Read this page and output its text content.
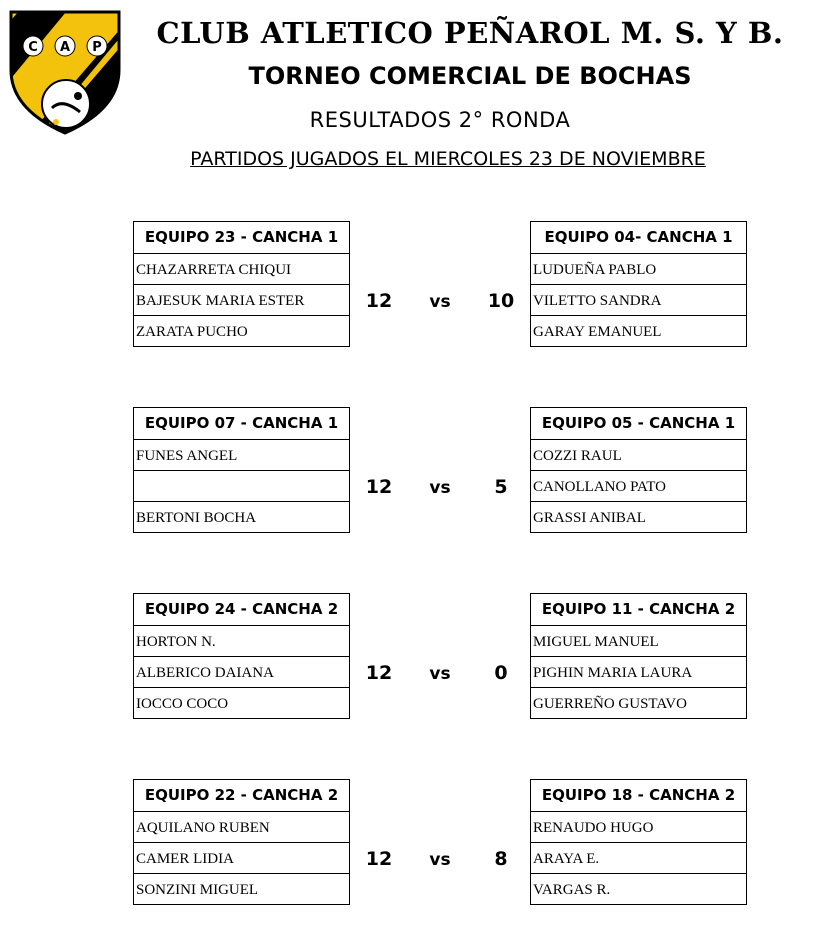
C A P	CLUB ATLETICO PEÑAROL M. S. Y B.
TORNEO COMERCIAL DE BOCHAS
RESULTADOS 2° RONDA
PARTIDOS JUGADOS EL MIERCOLES 23 DE NOVIEMBRE
EQUIPO 23 - CANCHA 1
CHAZARRETA CHIQUI
BAJESUK MARIA ESTER
ZARATA PUCHO
12	vs	10
EQUIPO 04- CANCHA 1
LUDUEÑA PABLO
VILETTO SANDRA
GARAY EMANUEL
EQUIPO 07 - CANCHA 1
FUNES ANGEL
BERTONI BOCHA
12	vs	5
EQUIPO 05 - CANCHA 1
COZZI RAUL
CANOLLANO PATO
GRASSI ANIBAL
EQUIPO 24 - CANCHA 2
HORTON N.
ALBERICO DAIANA
IOCCO COCO
12	vs	0
EQUIPO 11 - CANCHA 2
MIGUEL MANUEL
PIGHIN MARIA LAURA
GUERREÑO GUSTAVO
EQUIPO 22 - CANCHA 2
AQUILANO RUBEN
CAMER LIDIA
SONZINI MIGUEL
12	vs	8
EQUIPO 18 - CANCHA 2
RENAUDO HUGO
ARAYA E.
VARGAS R.
